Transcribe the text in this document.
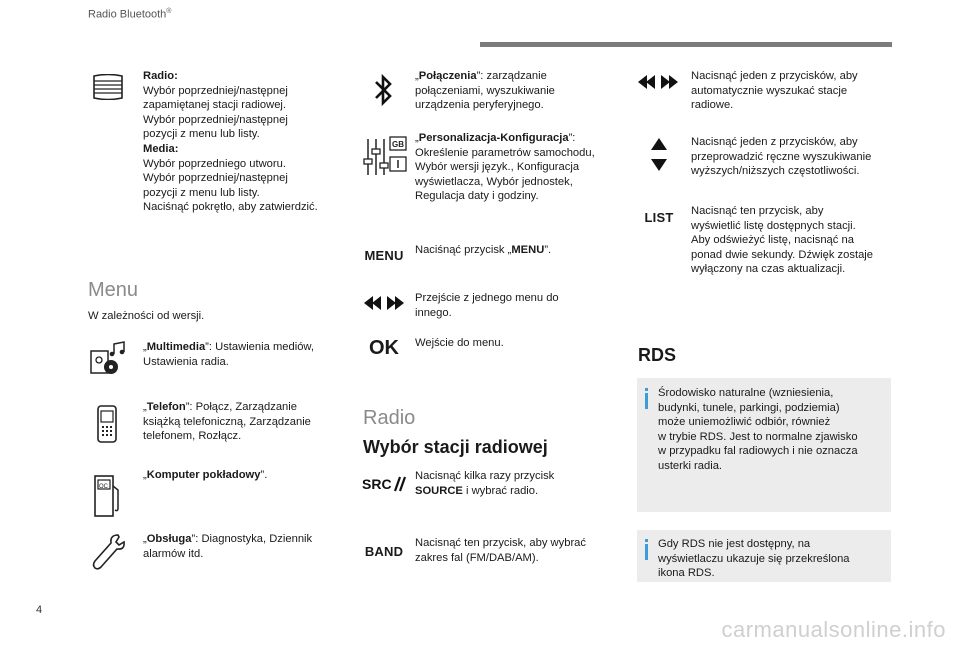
Radio Bluetooth®
Radio:
Wybór poprzedniej/następnej
zapamiętanej stacji radiowej.
Wybór poprzedniej/następnej
pozycji z menu lub listy.
Media:
Wybór poprzedniego utworu.
Wybór poprzedniej/następnej
pozycji z menu lub listy.
Naciśnąć pokrętło, aby zatwierdzić.
Menu
W zależności od wersji.
„Multimedia”: Ustawienia mediów,
Ustawienia radia.
„Telefon”: Połącz, Zarządzanie
książką telefoniczną, Zarządzanie
telefonem, Rozłącz.
OC
„Komputer pokładowy”.
„Obsługa”: Diagnostyka, Dziennik
alarmów itd.
„Połączenia”: zarządzanie
połączeniami, wyszukiwanie
urządzenia peryferyjnego.
GB
„Personalizacja-Konfiguracja”:
Określenie parametrów samochodu,
Wybór wersji język., Konfiguracja
wyświetlacza, Wybór jednostek,
Regulacja daty i godziny.
MENU	Naciśnąć przycisk „MENU”.
Przejście z jednego menu do
innego.
OK	Wejście do menu.
Radio
Wybór stacji radiowej
SRC Nacisnąć kilka razy przycisk
SOURCE i wybrać radio.
BAND
Nacisnąć ten przycisk, aby wybrać
zakres fal (FM/DAB/AM).
Nacisnąć jeden z przycisków, aby
automatycznie wyszukać stacje
radiowe.
Nacisnąć jeden z przycisków, aby
przeprowadzić ręczne wyszukiwanie
wyższych/niższych częstotliwości.
LIST	Nacisnąć ten przycisk, aby
wyświetlić listę dostępnych stacji.
Aby odświeżyć listę, nacisnąć na
ponad dwie sekundy. Dźwięk zostaje
wyłączony na czas aktualizacji.
RDS
Środowisko naturalne (wzniesienia,
budynki, tunele, parkingi, podziemia)
może uniemożliwić odbiór, również
w trybie RDS. Jest to normalne zjawisko
w przypadku fal radiowych i nie oznacza
usterki radia.
Gdy RDS nie jest dostępny, na
wyświetlaczu ukazuje się przekreślona
ikona RDS.
4
carmanualsonline.info
